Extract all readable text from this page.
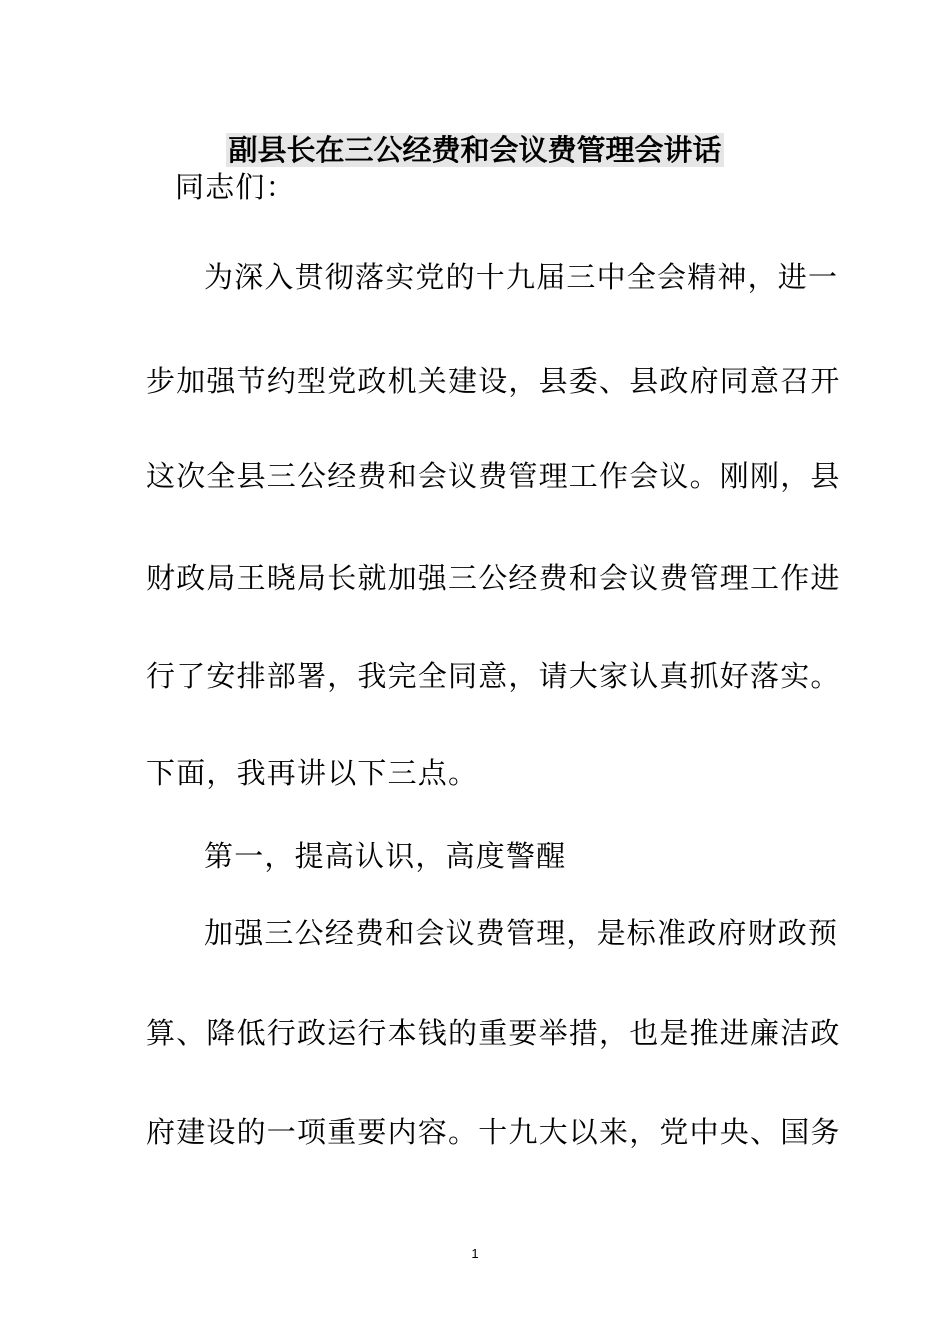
副县长在三公经费和会议费管理会讲话
同志们：
为深入贯彻落实党的十九届三中全会精神，进一
步加强节约型党政机关建设，县委、县政府同意召开
这次全县三公经费和会议费管理工作会议。刚刚，县
财政局王晓局长就加强三公经费和会议费管理工作进
行了安排部署，我完全同意，请大家认真抓好落实。
下面，我再讲以下三点。
第一，提高认识，高度警醒
加强三公经费和会议费管理，是标准政府财政预
算、降低行政运行本钱的重要举措，也是推进廉洁政
府建设的一项重要内容。十九大以来，党中央、国务
1
